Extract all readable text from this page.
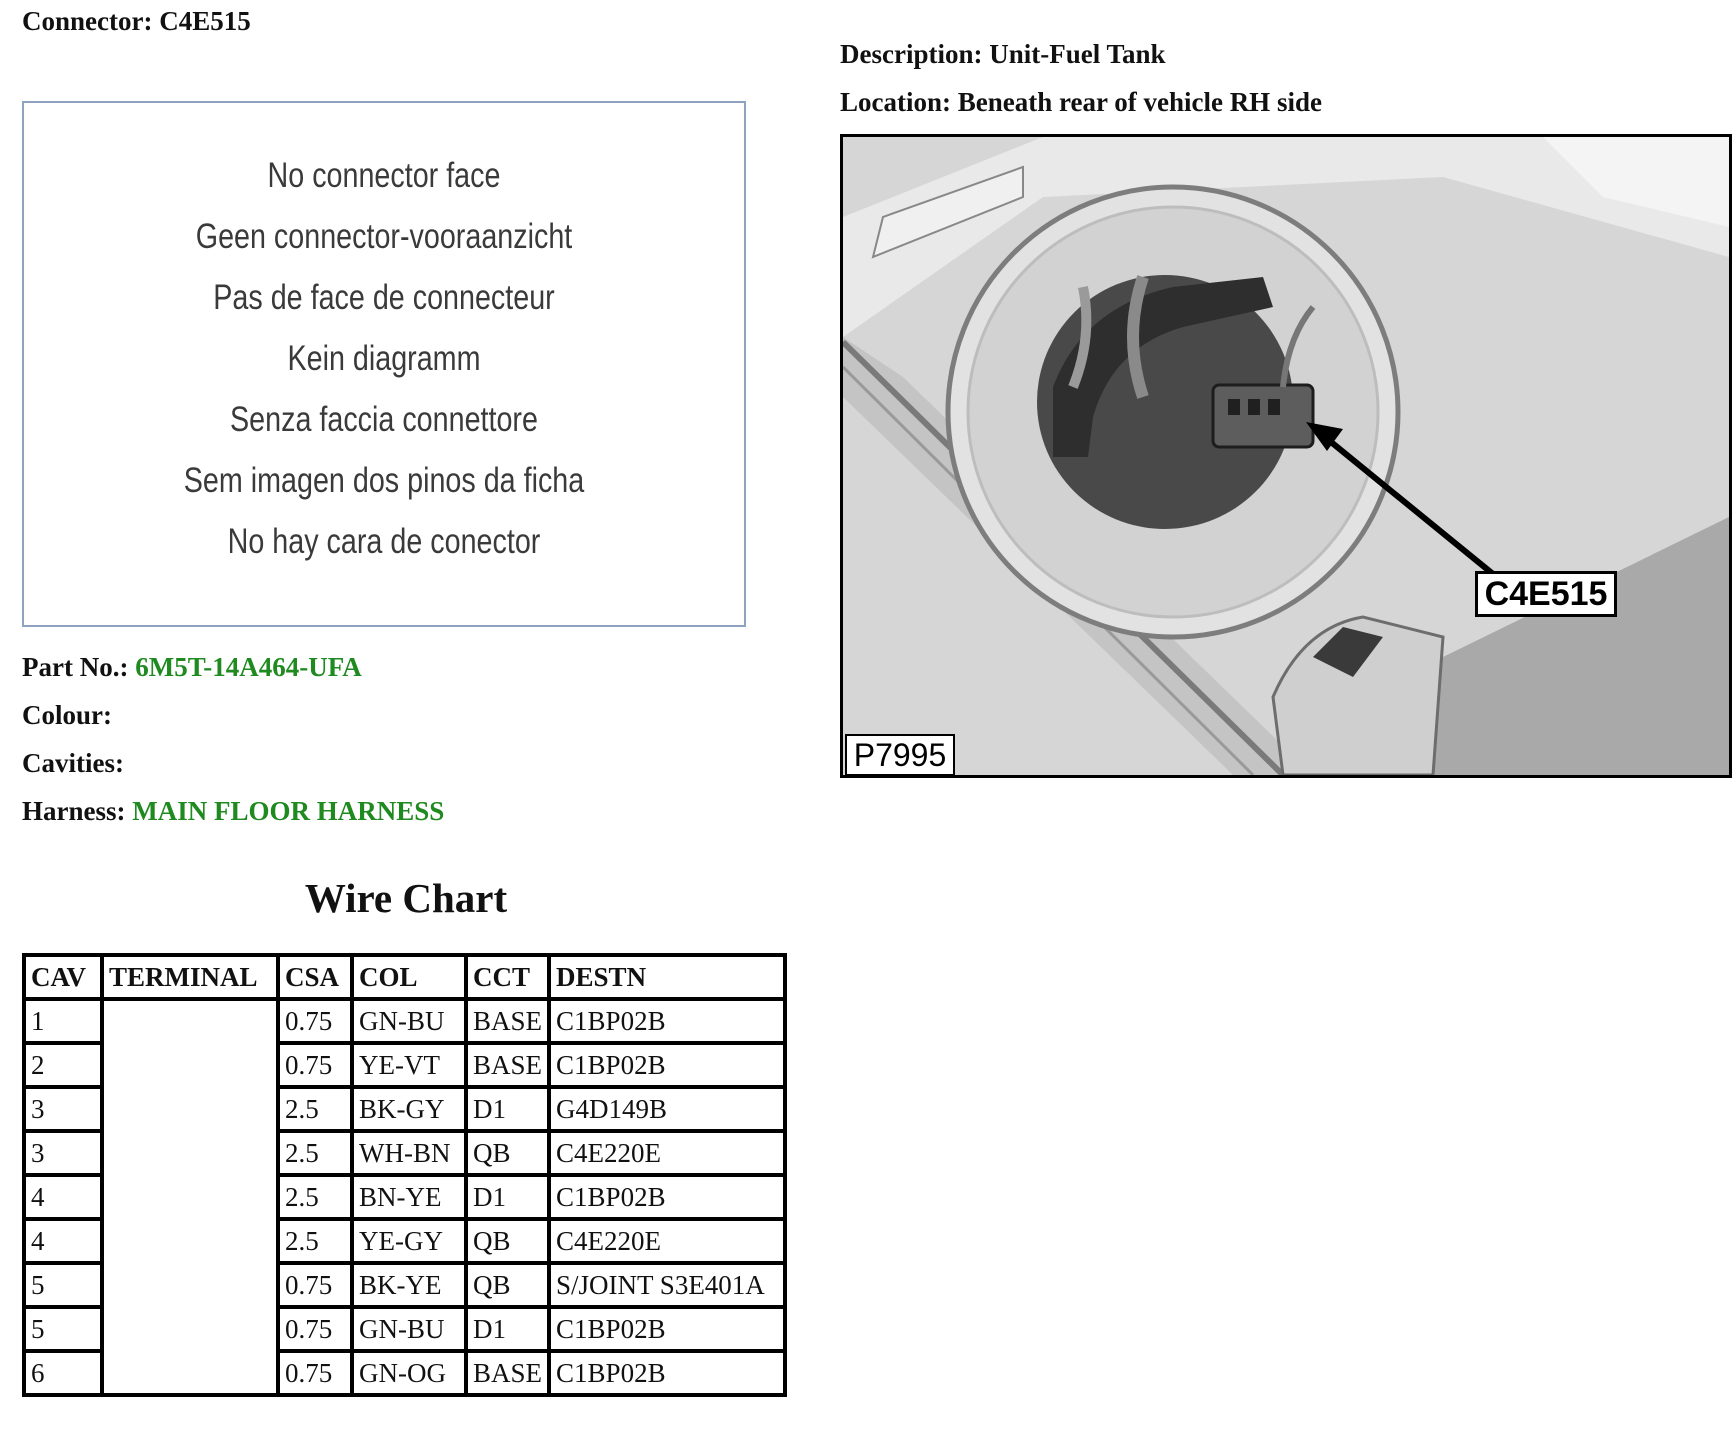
Connector: C4E515
Description: Unit-Fuel Tank
Location: Beneath rear of vehicle RH side
No connector face
Geen connector-vooraanzicht
Pas de face de connecteur
Kein diagramm
Senza faccia connettore
Sem imagen dos pinos da ficha
No hay cara de conector
Part No.: 6M5T-14A464-UFA
Colour:
Cavities:
Harness: MAIN FLOOR HARNESS
Wire Chart
CAV	TERMINAL	CSA	COL	CCT	DESTN
1		0.75	GN-BU	BASE	C1BP02B
2		0.75	YE-VT	BASE	C1BP02B
3		2.5	BK-GY	D1	G4D149B
3		2.5	WH-BN	QB	C4E220E
4		2.5	BN-YE	D1	C1BP02B
4		2.5	YE-GY	QB	C4E220E
5		0.75	BK-YE	QB	S/JOINT S3E401A
5		0.75	GN-BU	D1	C1BP02B
6		0.75	GN-OG	BASE	C1BP02B
C4E515
P7995
